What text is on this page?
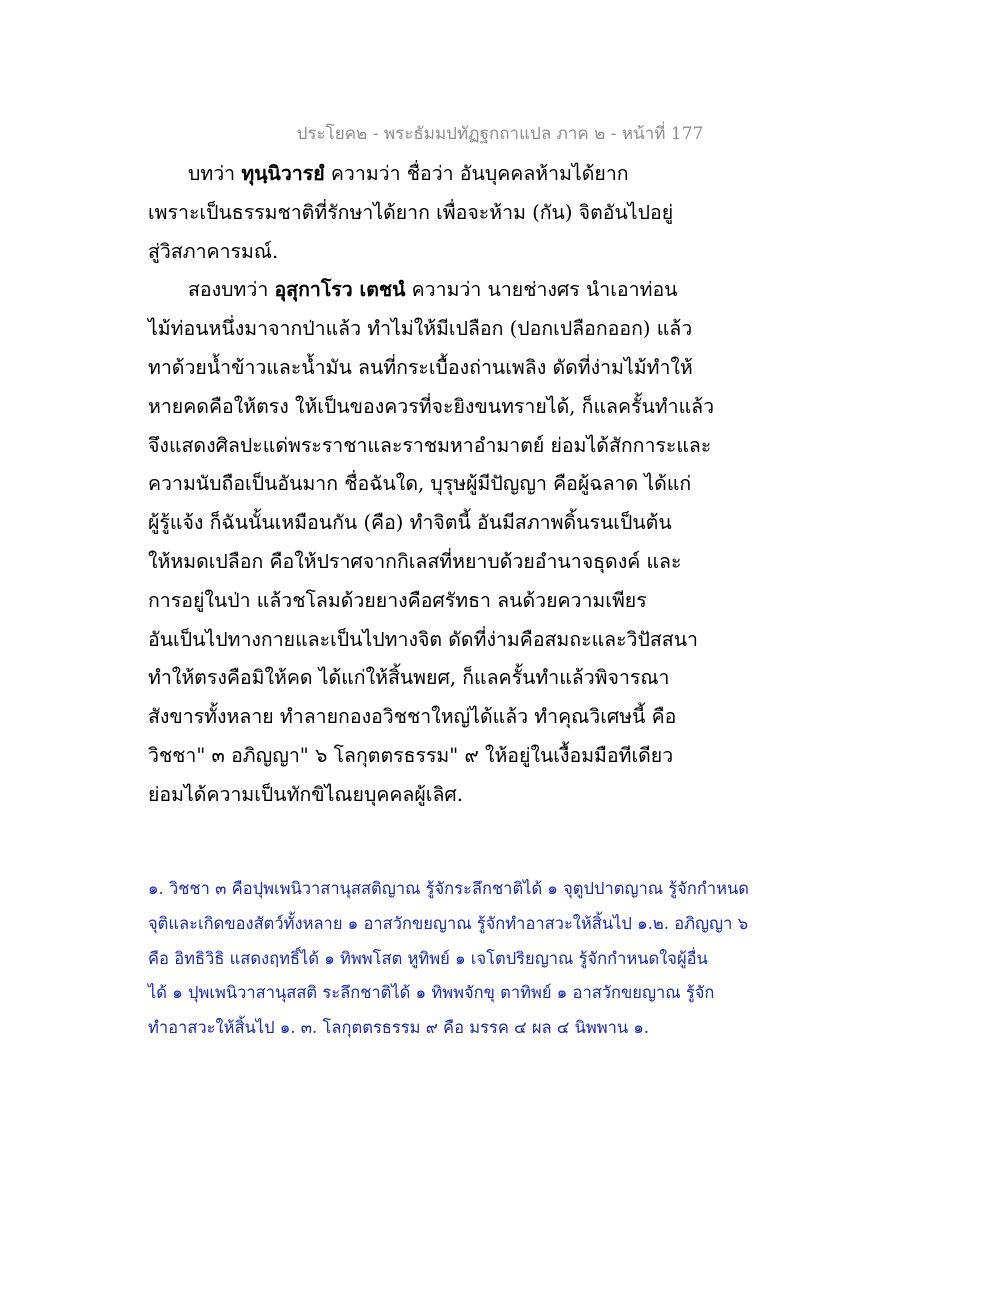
ประโยค๒ - พระธัมมปทัฏฐกถาแปล ภาค ๒ - หน้าที่ 177
บทว่า ทุนฺนิวารยํ ความว่า ชื่อว่า อันบุคคลห้ามได้ยาก
เพราะเป็นธรรมชาติที่รักษาได้ยาก เพื่อจะห้าม (กัน) จิตอันไปอยู่
สู่วิสภาคารมณ์.
สองบทว่า อุสุกาโรว เตชนํ ความว่า นายช่างศร นำเอาท่อน
ไม้ท่อนหนึ่งมาจากป่าแล้ว ทำไม่ให้มีเปลือก (ปอกเปลือกออก) แล้ว
ทาด้วยน้ำข้าวและน้ำมัน ลนที่กระเบื้องถ่านเพลิง ดัดที่ง่ามไม้ทำให้
หายคดคือให้ตรง ให้เป็นของควรที่จะยิงขนทรายได้, ก็แลครั้นทำแล้ว
จึงแสดงศิลปะแด่พระราชาและราชมหาอำมาตย์ ย่อมได้สักการะและ
ความนับถือเป็นอันมาก ชื่อฉันใด, บุรุษผู้มีปัญญา คือผู้ฉลาด ได้แก่
ผู้รู้แจ้ง ก็ฉันนั้นเหมือนกัน (คือ) ทำจิตนี้ อันมีสภาพดิ้นรนเป็นต้น
ให้หมดเปลือก คือให้ปราศจากกิเลสที่หยาบด้วยอำนาจธุดงค์ และ
การอยู่ในป่า แล้วชโลมด้วยยางคือศรัทธา ลนด้วยความเพียร
อันเป็นไปทางกายและเป็นไปทางจิต ดัดที่ง่ามคือสมถะและวิปัสสนา
ทำให้ตรงคือมิให้คด ได้แก่ให้สิ้นพยศ, ก็แลครั้นทำแล้วพิจารณา
สังขารทั้งหลาย ทำลายกองอวิชชาใหญ่ได้แล้ว ทำคุณวิเศษนี้ คือ
วิชชา" ๓ อภิญญา" ๖ โลกุตตรธรรม" ๙ ให้อยู่ในเงื้อมมือทีเดียว
ย่อมได้ความเป็นทักขิไณยบุคคลผู้เลิศ.
๑. วิชชา ๓ คือปุพเพนิวาสานุสสติญาณ รู้จักระลึกชาติได้ ๑ จุตูปปาตญาณ รู้จักกำหนด
จุติและเกิดของสัตว์ทั้งหลาย ๑ อาสวักขยญาณ รู้จักทำอาสวะให้สิ้นไป ๑.๒. อภิญญา ๖
คือ อิทธิวิธิ แสดงฤทธิ์ได้ ๑ ทิพพโสต หูทิพย์ ๑ เจโตปริยญาณ รู้จักกำหนดใจผู้อื่น
ได้ ๑ ปุพเพนิวาสานุสสติ ระลึกชาติได้ ๑ ทิพพจักขุ ตาทิพย์ ๑ อาสวักขยญาณ รู้จัก
ทำอาสวะให้สิ้นไป ๑. ๓. โลกุตตรธรรม ๙ คือ มรรค ๔ ผล ๔ นิพพาน ๑.
